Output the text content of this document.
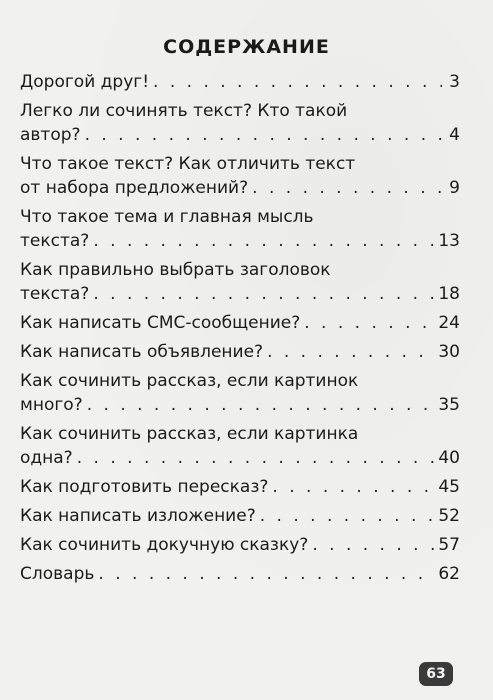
СОДЕРЖАНИЕ
Дорогой друг! . . .	3
Легко ли сочинять текст? Кто такой
автор? . . .	4
Что такое текст? Как отличить текст
от набора предложений? . . .	9
Что такое тема и главная мысль
текста? . . .	13
Как правильно выбрать заголовок
текста? . . .	18
Как написать СМС-сообщение? . . .	24
Как написать объявление? . . .	30
Как сочинить рассказ, если картинок
много? . . .	35
Как сочинить рассказ, если картинка
одна? . . .	40
Как подготовить пересказ? . . .	45
Как написать изложение? . . .	52
Как сочинить докучную сказку? . . .	57
Словарь . . .	62
63
